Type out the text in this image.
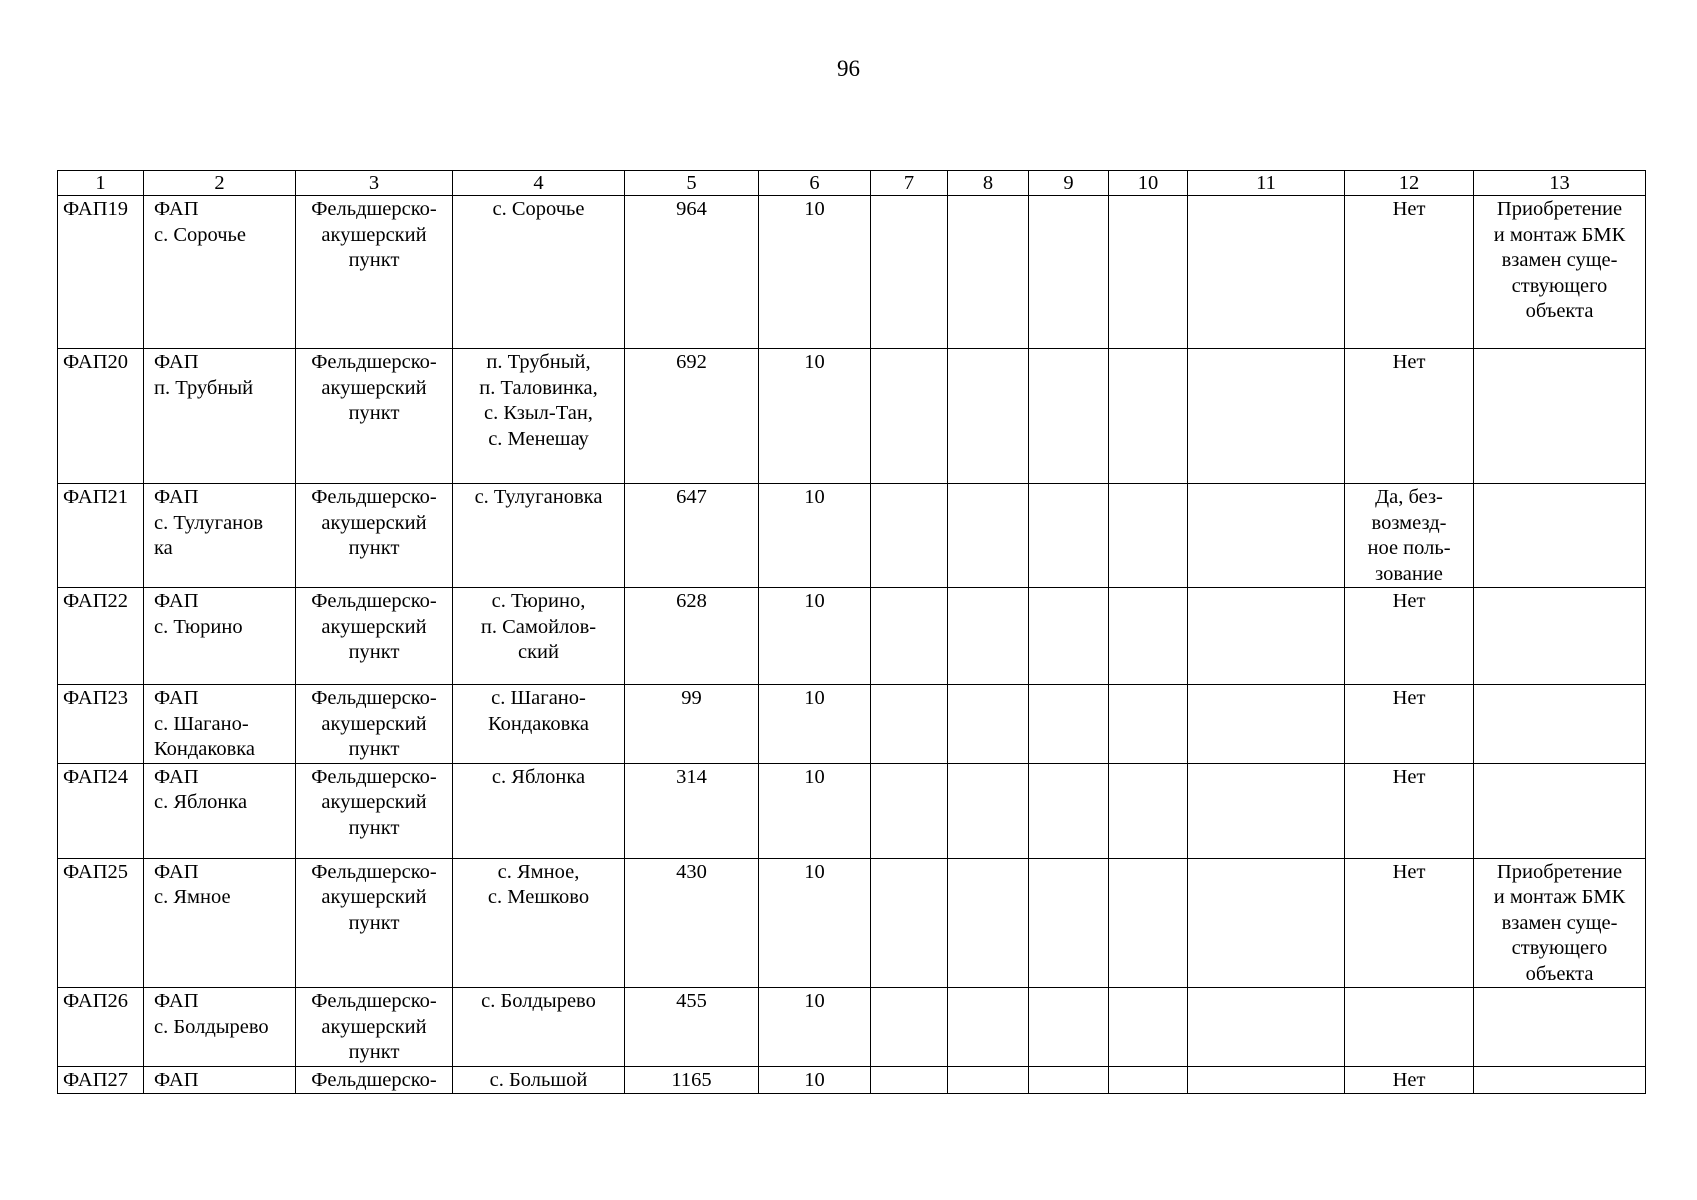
96
1	2	3	4	5	6	7	8	9	10	11	12	13
ФАП19	ФАП
с. Сорочье	Фельдшерско-
акушерский
пункт	с. Сорочье	964	10						Нет	Приобретение
и монтаж БМК
взамен суще-
ствующего
объекта
ФАП20	ФАП
п. Трубный	Фельдшерско-
акушерский
пункт	п. Трубный,
п. Таловинка,
с. Кзыл-Тан,
с. Менешау	692	10						Нет	
ФАП21	ФАП
с. Тулуганов
ка	Фельдшерско-
акушерский
пункт	с. Тулугановка	647	10						Да, без-
возмезд-
ное поль-
зование	
ФАП22	ФАП
с. Тюрино	Фельдшерско-
акушерский
пункт	с. Тюрино,
п. Самойлов-
ский	628	10						Нет	
ФАП23	ФАП
с. Шагано-
Кондаковка	Фельдшерско-
акушерский
пункт	с. Шагано-
Кондаковка	99	10						Нет	
ФАП24	ФАП
с. Яблонка	Фельдшерско-
акушерский
пункт	с. Яблонка	314	10						Нет	
ФАП25	ФАП
с. Ямное	Фельдшерско-
акушерский
пункт	с. Ямное,
с. Мешково	430	10						Нет	Приобретение
и монтаж БМК
взамен суще-
ствующего
объекта
ФАП26	ФАП
с. Болдырево	Фельдшерско-
акушерский
пункт	с. Болдырево	455	10							
ФАП27	ФАП	Фельдшерско-	с. Большой	1165	10						Нет	
